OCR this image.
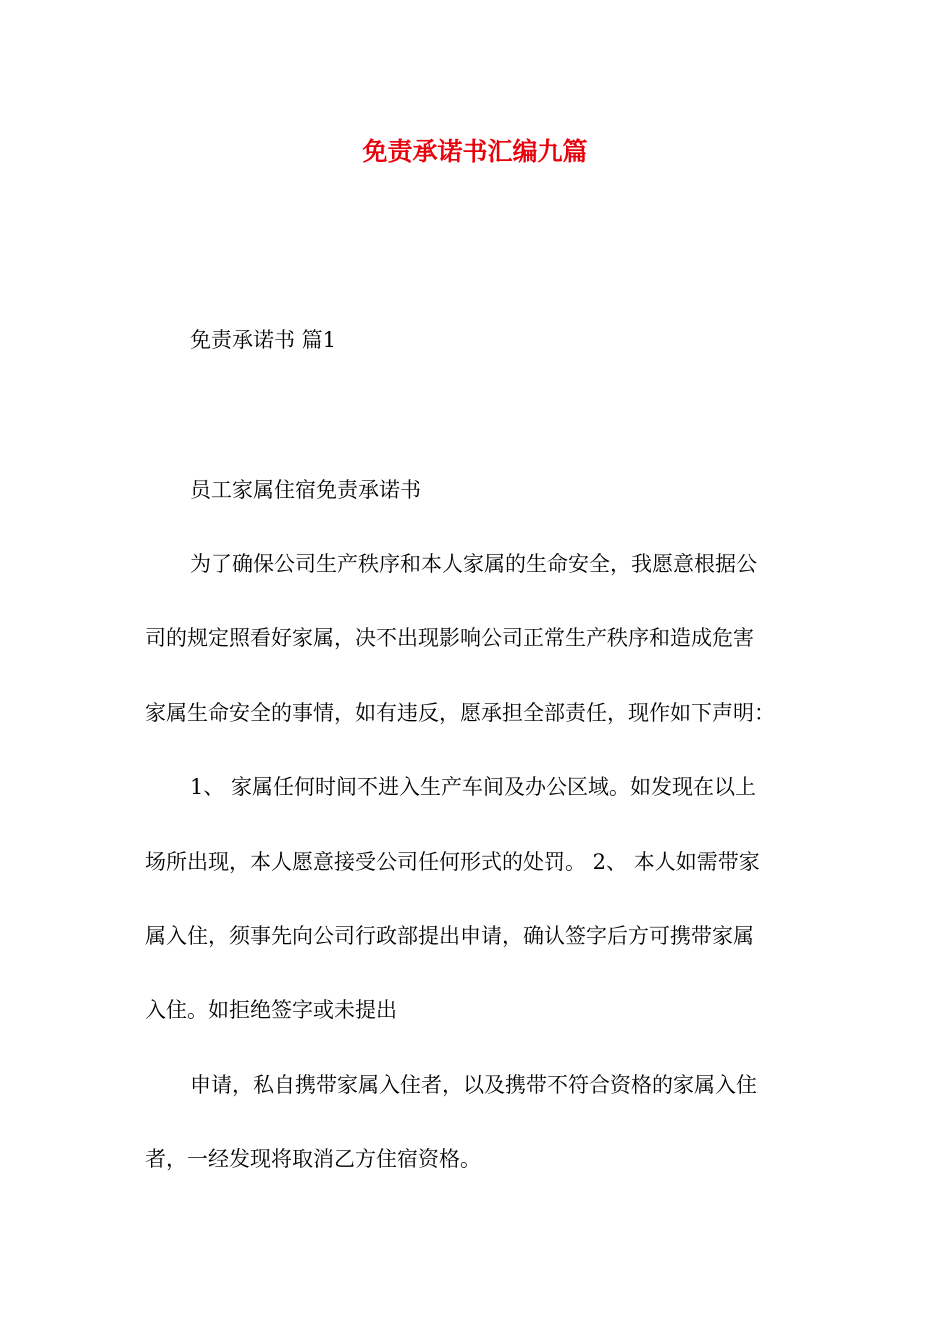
免责承诺书汇编九篇
免责承诺书 篇1
员工家属住宿免责承诺书
为了确保公司生产秩序和本人家属的生命安全，我愿意根据公
司的规定照看好家属，决不出现影响公司正常生产秩序和造成危害
家属生命安全的事情，如有违反，愿承担全部责任，现作如下声明：
1、 家属任何时间不进入生产车间及办公区域。如发现在以上
场所出现，本人愿意接受公司任何形式的处罚。 2、 本人如需带家
属入住，须事先向公司行政部提出申请，确认签字后方可携带家属
入住。如拒绝签字或未提出
申请，私自携带家属入住者，以及携带不符合资格的家属入住
者，一经发现将取消乙方住宿资格。
